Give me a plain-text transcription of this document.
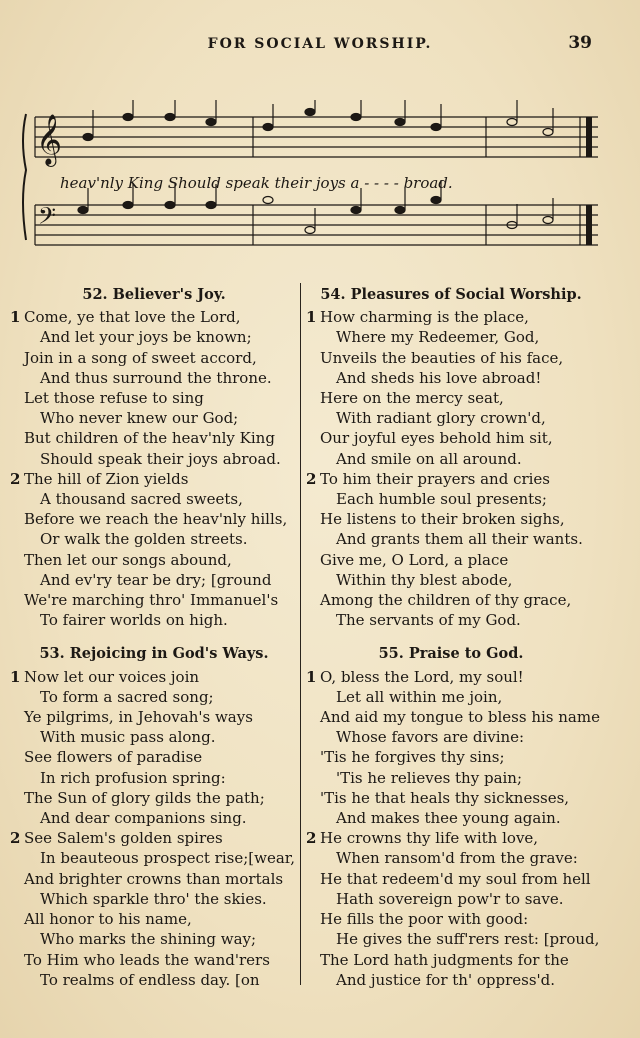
FOR SOCIAL WORSHIP.	39
𝄞
𝄢
heav'nly King Should speak their joys a - - - - broad.
52. Believer's Joy.
1 Come, ye that love the Lord,
And let your joys be known;
Join in a song of sweet accord,
And thus surround the throne.
Let those refuse to sing
Who never knew our God;
But children of the heav'nly King
Should speak their joys abroad.
2 The hill of Zion yields
A thousand sacred sweets,
Before we reach the heav'nly hills,
Or walk the golden streets.
Then let our songs abound,
And ev'ry tear be dry; [ground
We're marching thro' Immanuel's
To fairer worlds on high.
53. Rejoicing in God's Ways.
1 Now let our voices join
To form a sacred song;
Ye pilgrims, in Jehovah's ways
With music pass along.
See flowers of paradise
In rich profusion spring:
The Sun of glory gilds the path;
And dear companions sing.
2 See Salem's golden spires
In beauteous prospect rise;[wear,
And brighter crowns than mortals
Which sparkle thro' the skies.
All honor to his name,
Who marks the shining way;
To Him who leads the wand'rers
To realms of endless day. [on
54. Pleasures of Social Worship.
1 How charming is the place,
Where my Redeemer, God,
Unveils the beauties of his face,
And sheds his love abroad!
Here on the mercy seat,
With radiant glory crown'd,
Our joyful eyes behold him sit,
And smile on all around.
2 To him their prayers and cries
Each humble soul presents;
He listens to their broken sighs,
And grants them all their wants.
Give me, O Lord, a place
Within thy blest abode,
Among the children of thy grace,
The servants of my God.
55. Praise to God.
1 O, bless the Lord, my soul!
Let all within me join,
And aid my tongue to bless his name
Whose favors are divine:
'Tis he forgives thy sins;
'Tis he relieves thy pain;
'Tis he that heals thy sicknesses,
And makes thee young again.
2 He crowns thy life with love,
When ransom'd from the grave:
He that redeem'd my soul from hell
Hath sovereign pow'r to save.
He fills the poor with good:
He gives the suff'rers rest: [proud,
The Lord hath judgments for the
And justice for th' oppress'd.
